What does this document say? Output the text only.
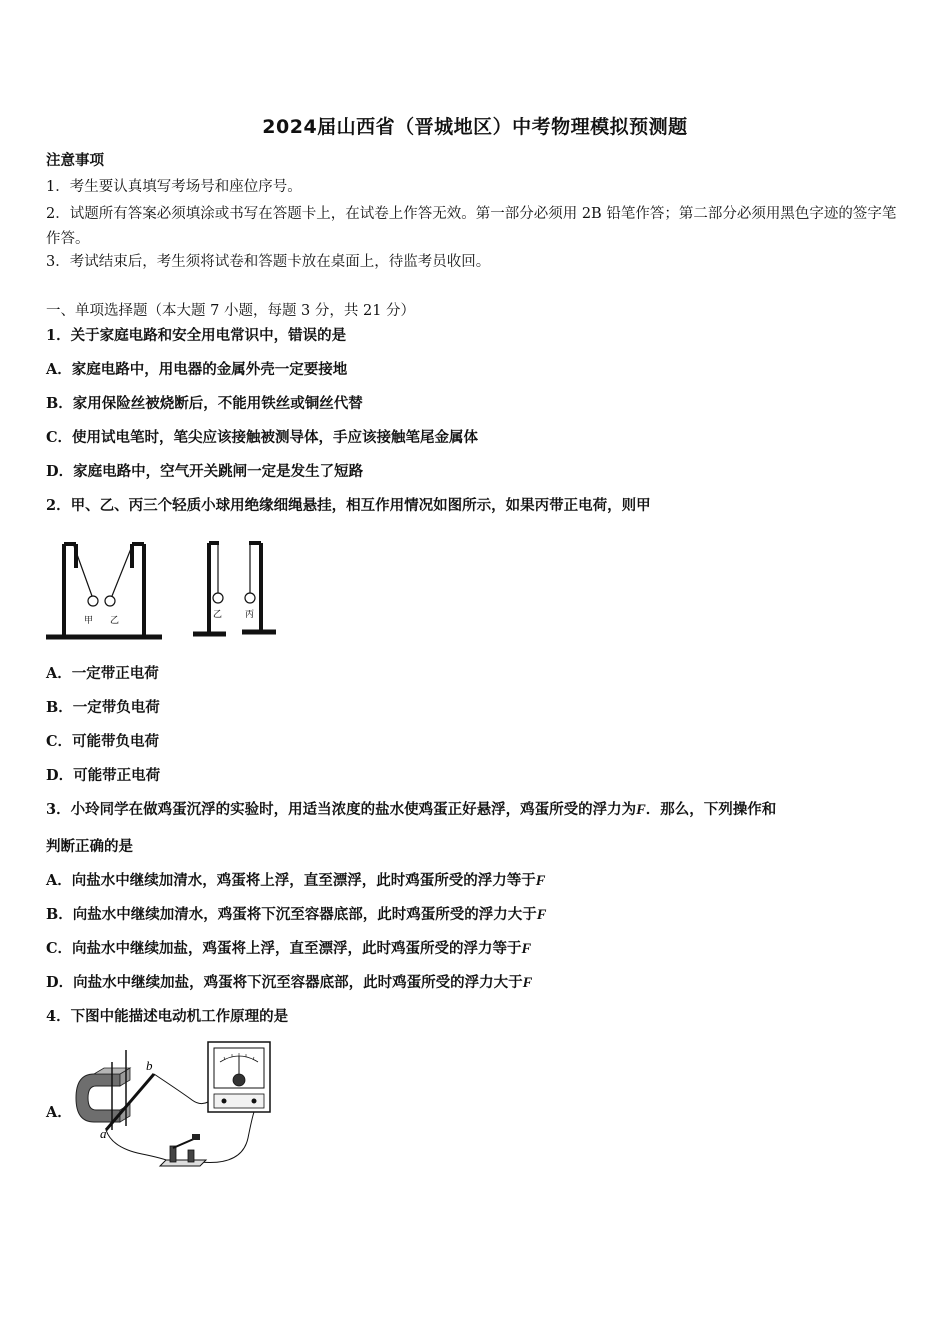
2024届山西省（晋城地区）中考物理模拟预测题
注意事项
1．考生要认真填写考场号和座位序号。
2．试题所有答案必须填涂或书写在答题卡上，在试卷上作答无效。第一部分必须用 2B 铅笔作答；第二部分必须用黑色字迹的签字笔作答。
3．考试结束后，考生须将试卷和答题卡放在桌面上，待监考员收回。
一、单项选择题（本大题 7 小题，每题 3 分，共 21 分）
1．关于家庭电路和安全用电常识中，错误的是
A．家庭电路中，用电器的金属外壳一定要接地
B．家用保险丝被烧断后，不能用铁丝或铜丝代替
C．使用试电笔时，笔尖应该接触被测导体，手应该接触笔尾金属体
D．家庭电路中，空气开关跳闸一定是发生了短路
2．甲、乙、丙三个轻质小球用绝缘细绳悬挂，相互作用情况如图所示，如果丙带正电荷，则甲
甲 乙
乙	丙
A．一定带正电荷
B．一定带负电荷
C．可能带负电荷
D．可能带正电荷
3．小玲同学在做鸡蛋沉浮的实验时，用适当浓度的盐水使鸡蛋正好悬浮，鸡蛋所受的浮力为F．那么，下列操作和
判断正确的是
A．向盐水中继续加清水，鸡蛋将上浮，直至漂浮，此时鸡蛋所受的浮力等于F
B．向盐水中继续加清水，鸡蛋将下沉至容器底部，此时鸡蛋所受的浮力大于F
C．向盐水中继续加盐，鸡蛋将上浮，直至漂浮，此时鸡蛋所受的浮力等于F
D．向盐水中继续加盐，鸡蛋将下沉至容器底部，此时鸡蛋所受的浮力大于F
4．下图中能描述电动机工作原理的是
A．
b
a
